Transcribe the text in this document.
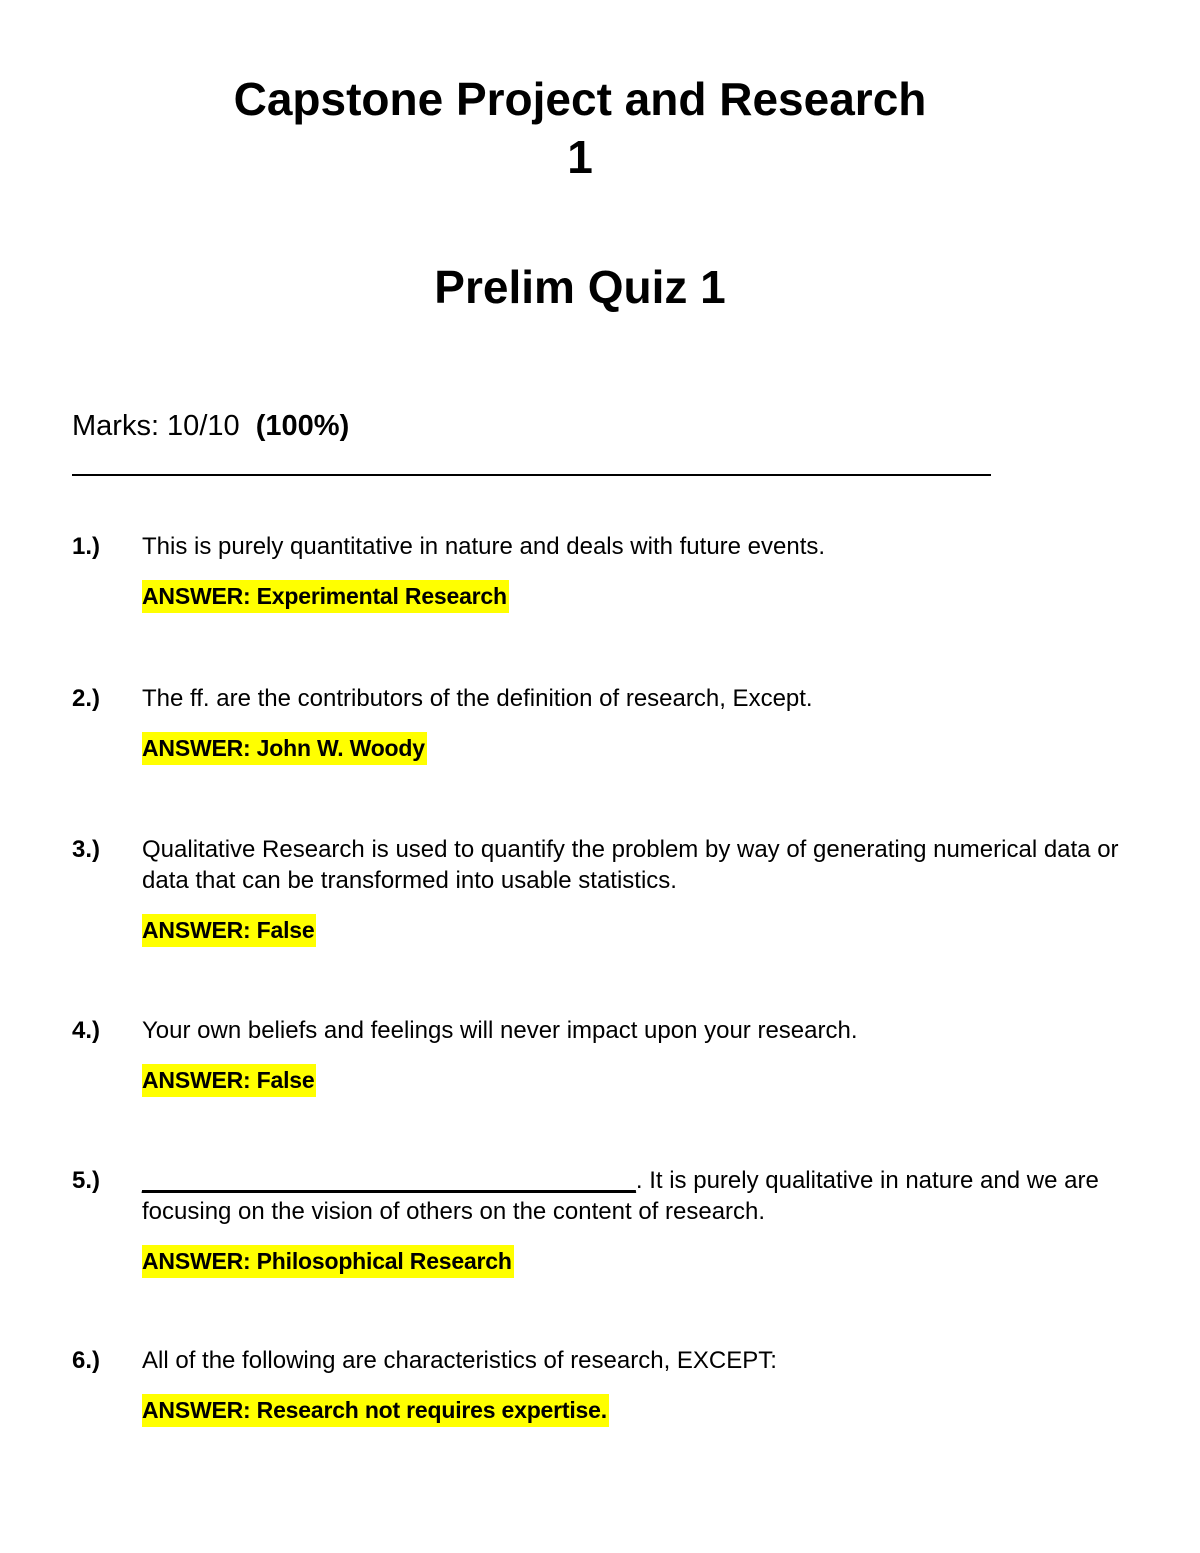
Capstone Project and Research
1
Prelim Quiz 1
Marks: 10/10 (100%)
1.) This is purely quantitative in nature and deals with future events.
ANSWER: Experimental Research
2.) The ff. are the contributors of the definition of research, Except.
ANSWER: John W. Woody
3.) Qualitative Research is used to quantify the problem by way of generating numerical data or data that can be transformed into usable statistics.
ANSWER: False
4.) Your own beliefs and feelings will never impact upon your research.
ANSWER: False
5.) _____________________________________. It is purely qualitative in nature and we are focusing on the vision of others on the content of research.
ANSWER: Philosophical Research
6.) All of the following are characteristics of research, EXCEPT:
ANSWER: Research not requires expertise.
